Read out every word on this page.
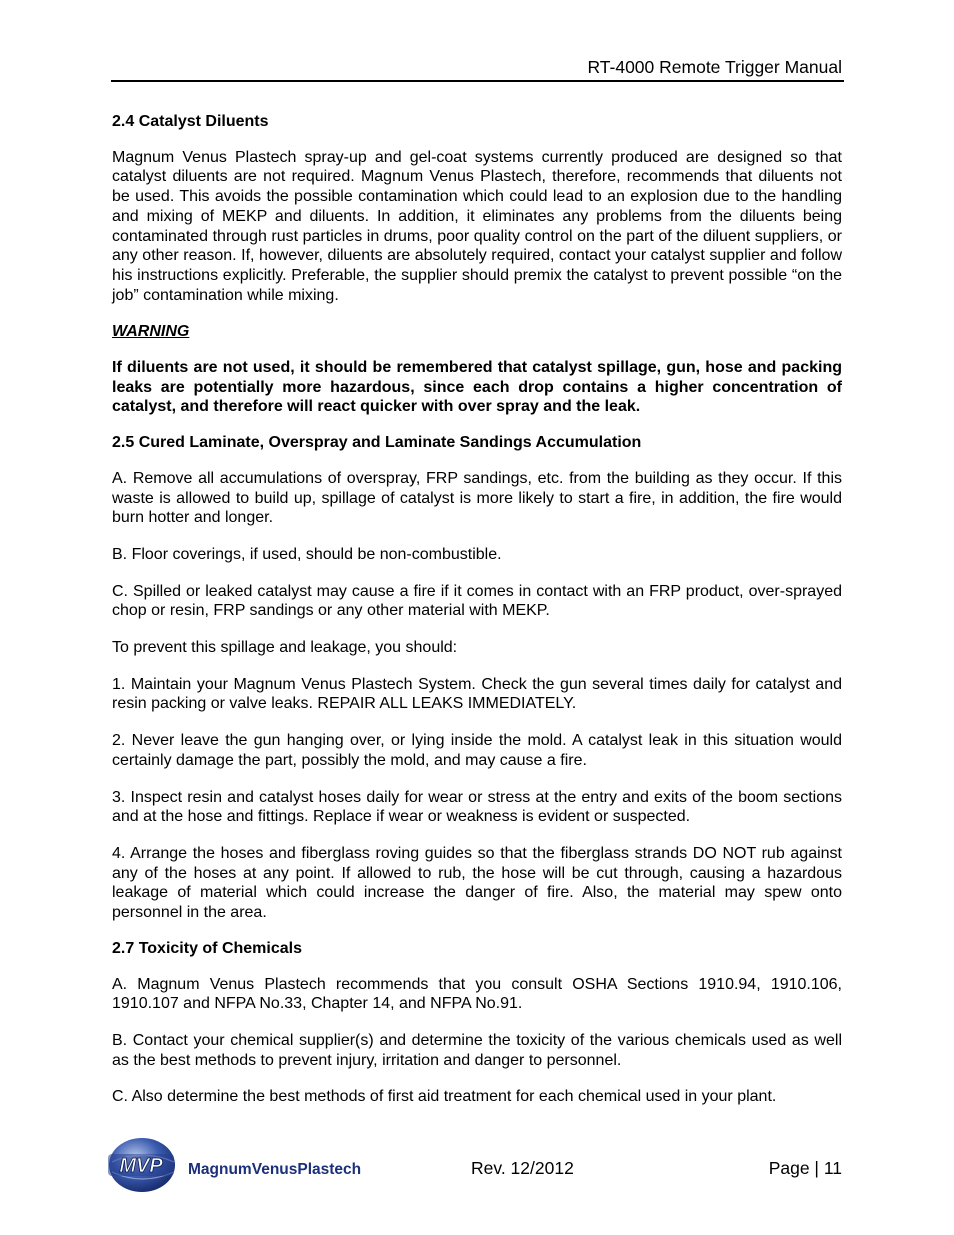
RT-4000 Remote Trigger Manual

2.4 Catalyst Diluents

Magnum Venus Plastech spray-up and gel-coat systems currently produced are designed so that catalyst diluents are not required. Magnum Venus Plastech, therefore, recommends that diluents not be used. This avoids the possible contamination which could lead to an explosion due to the handling and mixing of MEKP and diluents. In addition, it eliminates any problems from the diluents being contaminated through rust particles in drums, poor quality control on the part of the diluent suppliers, or any other reason. If, however, diluents are absolutely required, contact your catalyst supplier and follow his instructions explicitly. Preferable, the supplier should premix the catalyst to prevent possible “on the job” contamination while mixing.

WARNING

If diluents are not used, it should be remembered that catalyst spillage, gun, hose and packing leaks are potentially more hazardous, since each drop contains a higher concentration of catalyst, and therefore will react quicker with over spray and the leak.

2.5 Cured Laminate, Overspray and Laminate Sandings Accumulation

A. Remove all accumulations of overspray, FRP sandings, etc. from the building as they occur. If this waste is allowed to build up, spillage of catalyst is more likely to start a fire, in addition, the fire would burn hotter and longer.

B. Floor coverings, if used, should be non-combustible.

C. Spilled or leaked catalyst may cause a fire if it comes in contact with an FRP product, over-sprayed chop or resin, FRP sandings or any other material with MEKP.

To prevent this spillage and leakage, you should:

1. Maintain your Magnum Venus Plastech System. Check the gun several times daily for catalyst and resin packing or valve leaks. REPAIR ALL LEAKS IMMEDIATELY.

2. Never leave the gun hanging over, or lying inside the mold. A catalyst leak in this situation would certainly damage the part, possibly the mold, and may cause a fire.

3. Inspect resin and catalyst hoses daily for wear or stress at the entry and exits of the boom sections and at the hose and fittings. Replace if wear or weakness is evident or suspected.

4. Arrange the hoses and fiberglass roving guides so that the fiberglass strands DO NOT rub against any of the hoses at any point. If allowed to rub, the hose will be cut through, causing a hazardous leakage of material which could increase the danger of fire. Also, the material may spew onto personnel in the area.

2.7 Toxicity of Chemicals

A. Magnum Venus Plastech recommends that you consult OSHA Sections 1910.94, 1910.106, 1910.107 and NFPA No.33, Chapter 14, and NFPA No.91.

B. Contact your chemical supplier(s) and determine the toxicity of the various chemicals used as well as the best methods to prevent injury, irritation and danger to personnel.

C. Also determine the best methods of first aid treatment for each chemical used in your plant.

MVP MagnumVenusPlastech	Rev. 12/2012	Page | 11
